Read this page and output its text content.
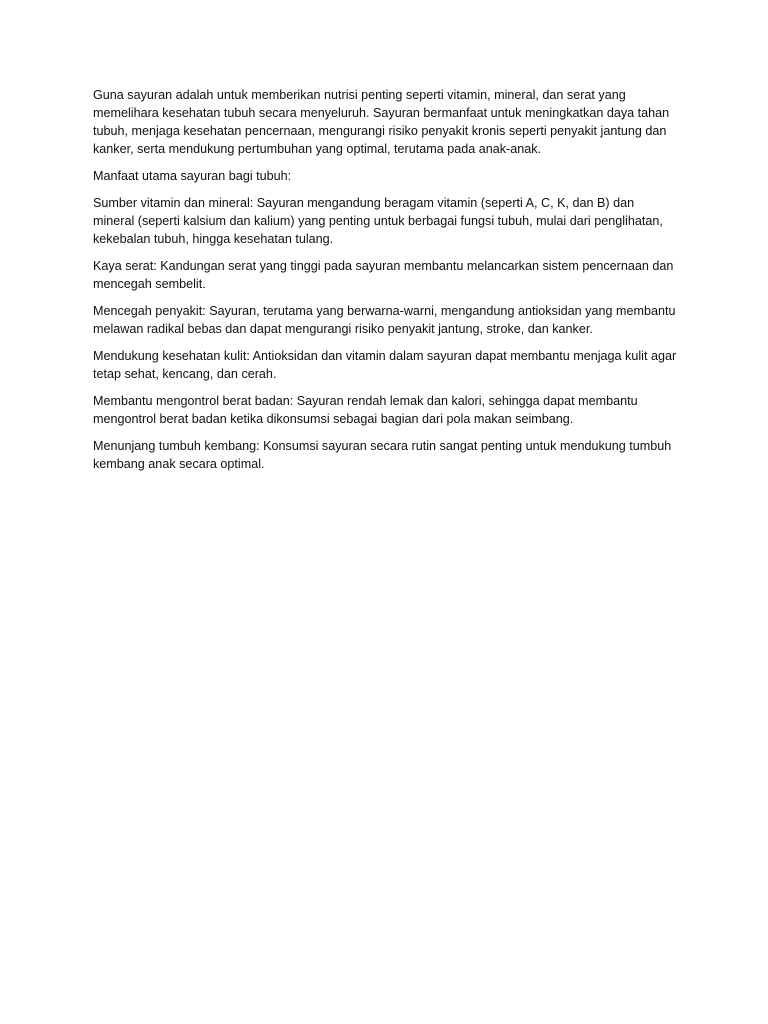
Guna sayuran adalah untuk memberikan nutrisi penting seperti vitamin, mineral, dan serat yang memelihara kesehatan tubuh secara menyeluruh. Sayuran bermanfaat untuk meningkatkan daya tahan tubuh, menjaga kesehatan pencernaan, mengurangi risiko penyakit kronis seperti penyakit jantung dan kanker, serta mendukung pertumbuhan yang optimal, terutama pada anak-anak.

Manfaat utama sayuran bagi tubuh:

Sumber vitamin dan mineral: Sayuran mengandung beragam vitamin (seperti A, C, K, dan B) dan mineral (seperti kalsium dan kalium) yang penting untuk berbagai fungsi tubuh, mulai dari penglihatan, kekebalan tubuh, hingga kesehatan tulang.

Kaya serat: Kandungan serat yang tinggi pada sayuran membantu melancarkan sistem pencernaan dan mencegah sembelit.

Mencegah penyakit: Sayuran, terutama yang berwarna-warni, mengandung antioksidan yang membantu melawan radikal bebas dan dapat mengurangi risiko penyakit jantung, stroke, dan kanker.

Mendukung kesehatan kulit: Antioksidan dan vitamin dalam sayuran dapat membantu menjaga kulit agar tetap sehat, kencang, dan cerah.

Membantu mengontrol berat badan: Sayuran rendah lemak dan kalori, sehingga dapat membantu mengontrol berat badan ketika dikonsumsi sebagai bagian dari pola makan seimbang.

Menunjang tumbuh kembang: Konsumsi sayuran secara rutin sangat penting untuk mendukung tumbuh kembang anak secara optimal.
